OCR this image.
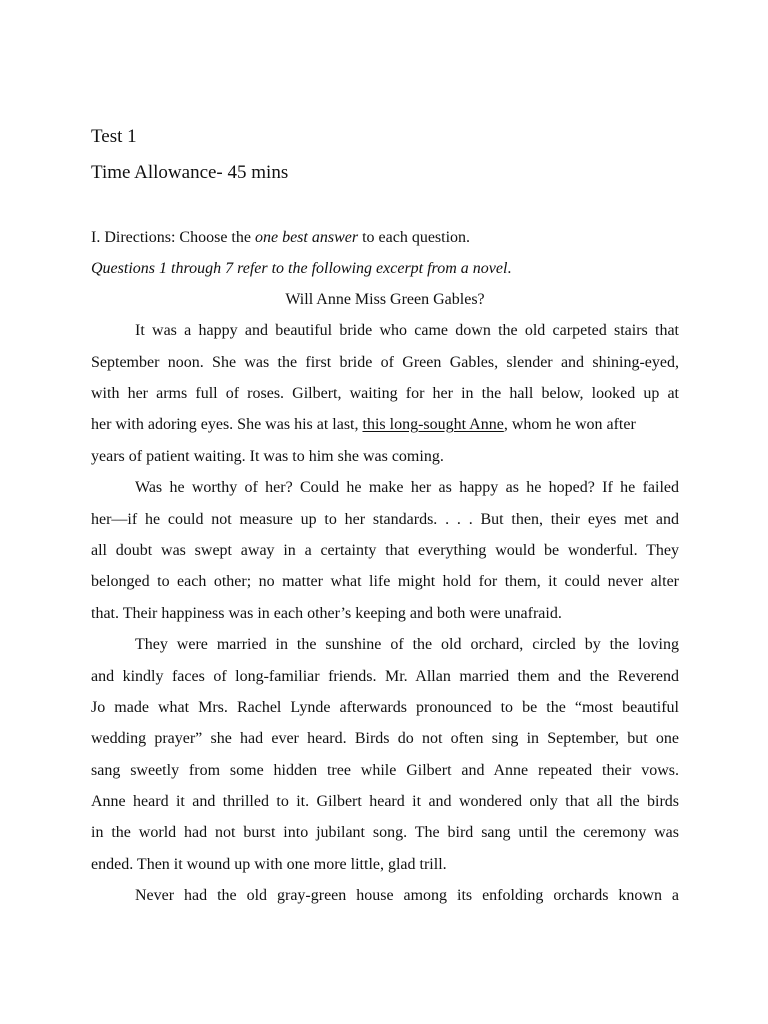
Test 1
Time Allowance- 45 mins
I. Directions: Choose the one best answer to each question.
Questions 1 through 7 refer to the following excerpt from a novel.
Will Anne Miss Green Gables?
It was a happy and beautiful bride who came down the old carpeted stairs that
September noon. She was the first bride of Green Gables, slender and shining-eyed,
with her arms full of roses. Gilbert, waiting for her in the hall below, looked up at
her with adoring eyes. She was his at last, this long-sought Anne, whom he won after
years of patient waiting. It was to him she was coming.
Was he worthy of her? Could he make her as happy as he hoped? If he failed
her—if he could not measure up to her standards. . . . But then, their eyes met and
all doubt was swept away in a certainty that everything would be wonderful. They
belonged to each other; no matter what life might hold for them, it could never alter
that. Their happiness was in each other’s keeping and both were unafraid.
They were married in the sunshine of the old orchard, circled by the loving
and kindly faces of long-familiar friends. Mr. Allan married them and the Reverend
Jo made what Mrs. Rachel Lynde afterwards pronounced to be the “most beautiful
wedding prayer” she had ever heard. Birds do not often sing in September, but one
sang sweetly from some hidden tree while Gilbert and Anne repeated their vows.
Anne heard it and thrilled to it. Gilbert heard it and wondered only that all the birds
in the world had not burst into jubilant song. The bird sang until the ceremony was
ended. Then it wound up with one more little, glad trill.
Never had the old gray-green house among its enfolding orchards known a
